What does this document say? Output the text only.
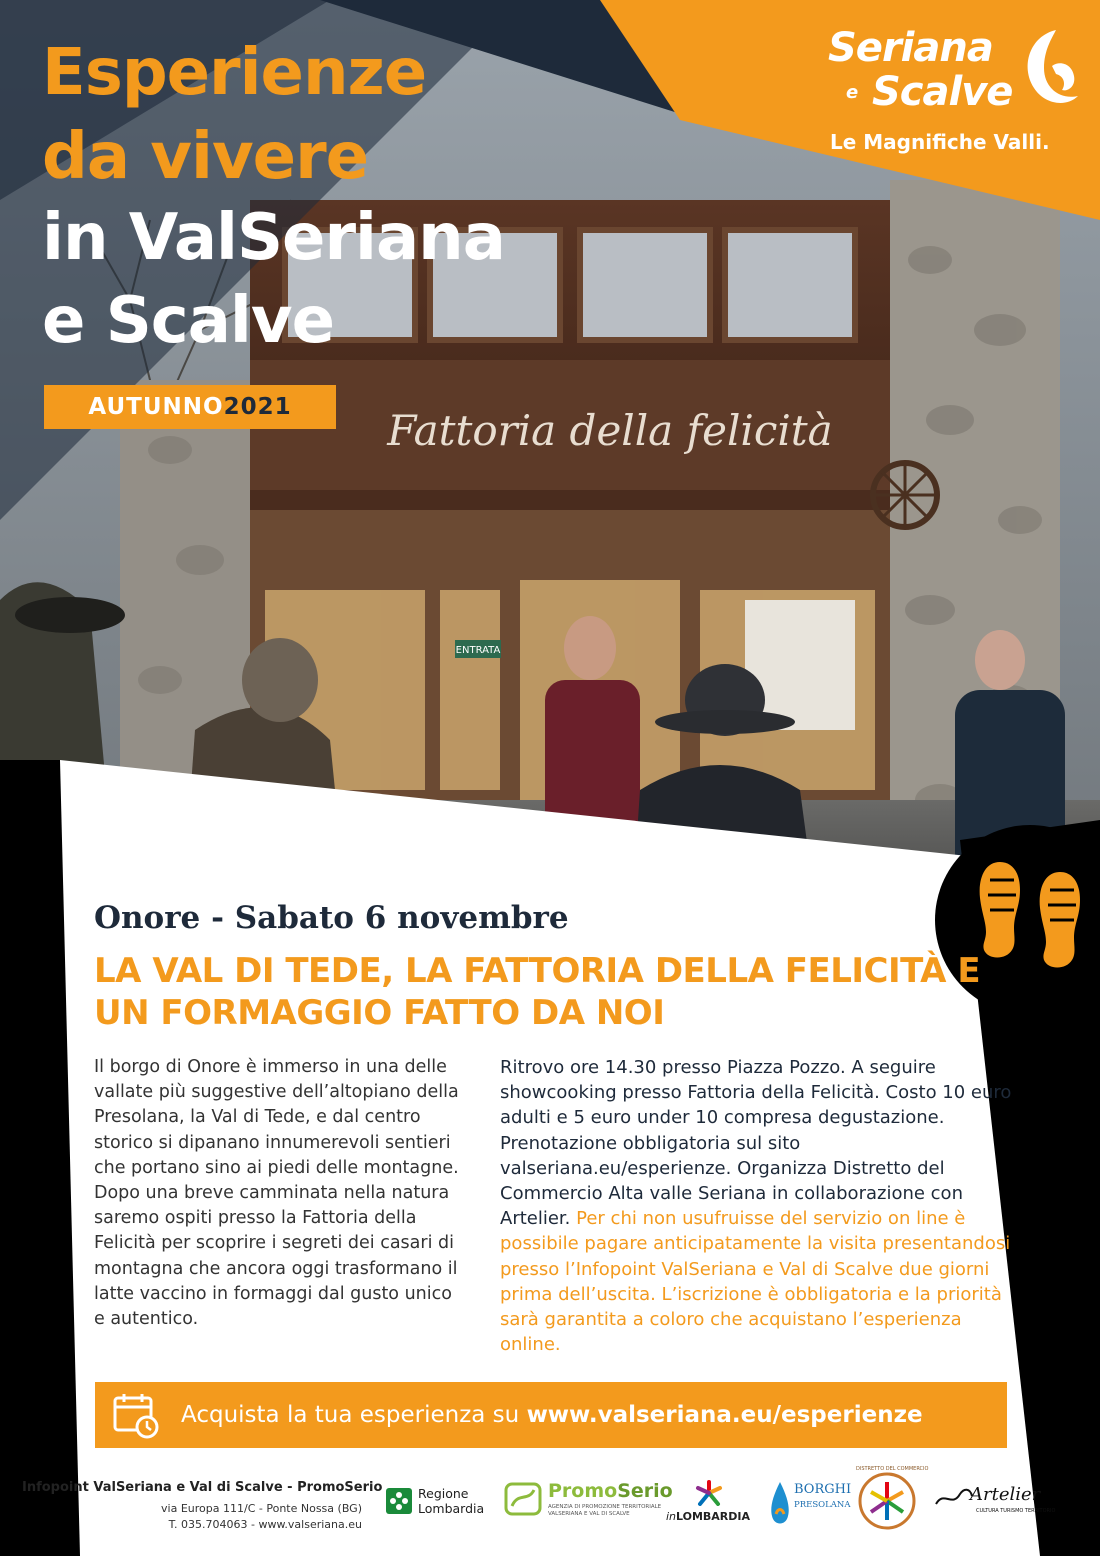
Fattoria della felicità
ENTRATA
Esperienze
da vivere
in ValSeriana
e Scalve
AUTUNNO 2021
Seriana
e Scalve
Le Magnifiche Valli.
Onore - Sabato 6 novembre
LA VAL DI TEDE, LA FATTORIA DELLA FELICITÀ E UN FORMAGGIO FATTO DA NOI
Il borgo di Onore è immerso in una delle vallate più suggestive dell’altopiano della Presolana, la Val di Tede, e dal centro storico si dipanano innumerevoli sentieri che portano sino ai piedi delle montagne. Dopo una breve camminata nella natura saremo ospiti presso la Fattoria della Felicità per scoprire i segreti dei casari di montagna che ancora oggi trasformano il latte vaccino in formaggi dal gusto unico e autentico.
Ritrovo ore 14.30 presso Piazza Pozzo. A seguire showcooking presso Fattoria della Felicità. Costo 10 euro adulti e 5 euro under 10 compresa degustazione. Prenotazione obbligatoria sul sito valseriana.eu/esperienze. Organizza Distretto del Commercio Alta valle Seriana in collaborazione con Artelier. Per chi non usufruisse del servizio on line è possibile pagare anticipatamente la visita presentandosi presso l’Infopoint ValSeriana e Val di Scalve due giorni prima dell’uscita. L’iscrizione è obbligatoria e la priorità sarà garantita a coloro che acquistano l’esperienza online.
Acquista la tua esperienza su www.valseriana.eu/esperienze
Infopoint ValSeriana e Val di Scalve - PromoSerio
via Europa 111/C - Ponte Nossa (BG)
T. 035.704063 - www.valseriana.eu
Regione
Lombardia
PromoSerio
AGENZIA DI PROMOZIONE TERRITORIALE
VALSERIANA E VAL DI SCALVE	inLOMBARDIA
BORGHI
PRESOLANA
DISTRETTO DEL COMMERCIO
Artelier
CULTURA TURISMO TERRITORIO
